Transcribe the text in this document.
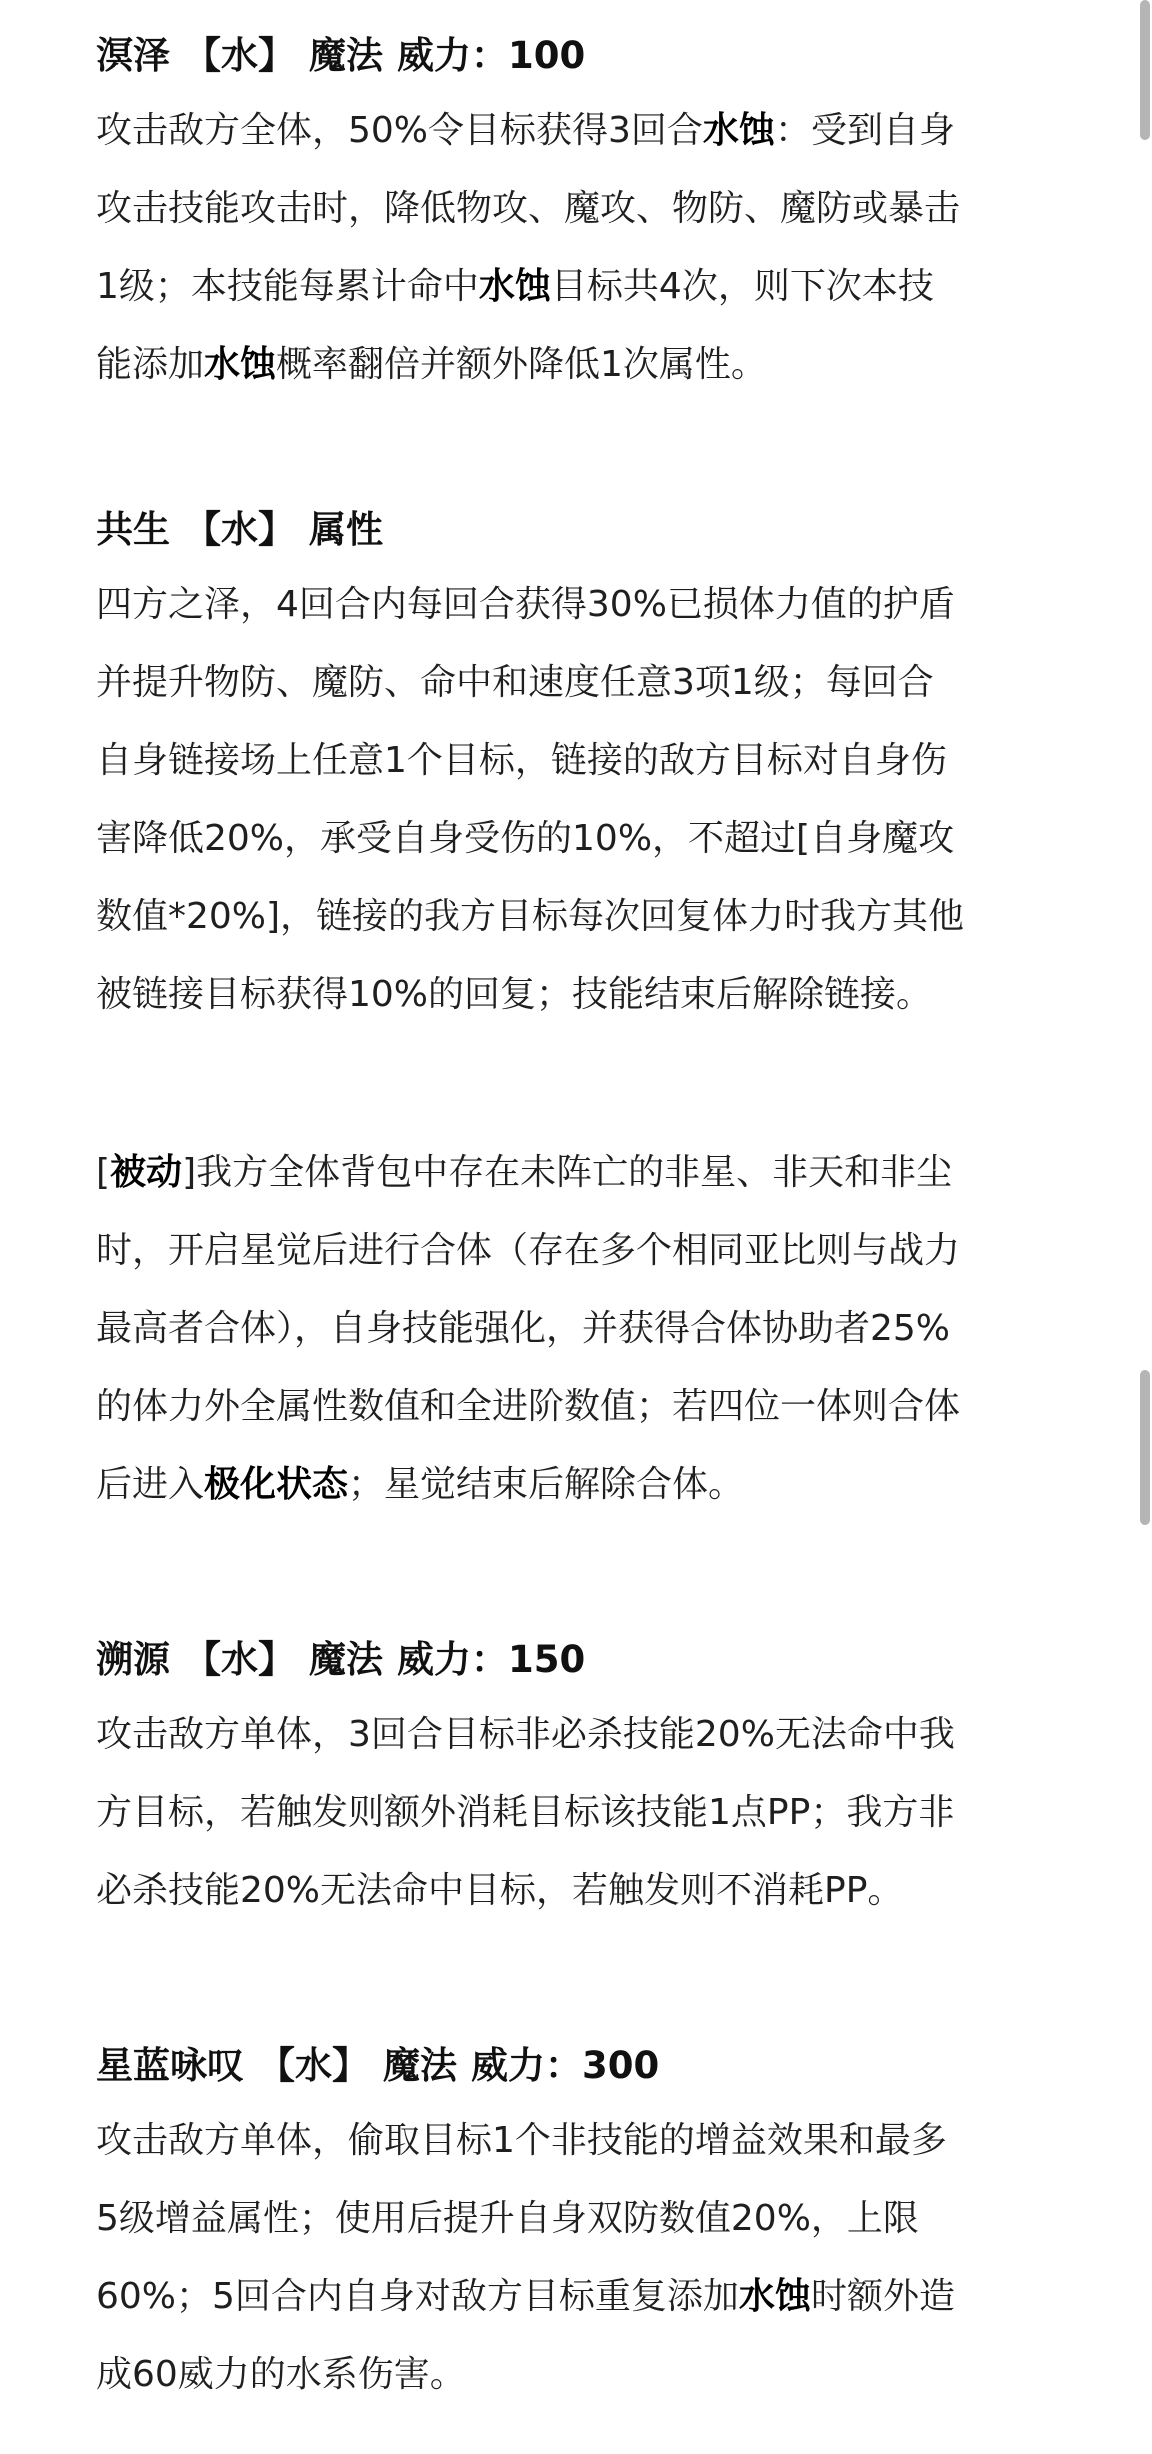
溟泽 【水】 魔法 威力：100
攻击敌方全体，50%令目标获得3回合水蚀：受到自身
攻击技能攻击时，降低物攻、魔攻、物防、魔防或暴击
1级；本技能每累计命中水蚀目标共4次，则下次本技
能添加水蚀概率翻倍并额外降低1次属性。
共生 【水】 属性
四方之泽，4回合内每回合获得30%已损体力值的护盾
并提升物防、魔防、命中和速度任意3项1级；每回合
自身链接场上任意1个目标，链接的敌方目标对自身伤
害降低20%，承受自身受伤的10%，不超过[自身魔攻
数值*20%]，链接的我方目标每次回复体力时我方其他
被链接目标获得10%的回复；技能结束后解除链接。
[被动]我方全体背包中存在未阵亡的非星、非天和非尘
时，开启星觉后进行合体（存在多个相同亚比则与战力
最高者合体），自身技能强化，并获得合体协助者25%
的体力外全属性数值和全进阶数值；若四位一体则合体
后进入极化状态；星觉结束后解除合体。
溯源 【水】 魔法 威力：150
攻击敌方单体，3回合目标非必杀技能20%无法命中我
方目标，若触发则额外消耗目标该技能1点PP；我方非
必杀技能20%无法命中目标，若触发则不消耗PP。
星蓝咏叹 【水】 魔法 威力：300
攻击敌方单体，偷取目标1个非技能的增益效果和最多
5级增益属性；使用后提升自身双防数值20%，上限
60%；5回合内自身对敌方目标重复添加水蚀时额外造
成60威力的水系伤害。
